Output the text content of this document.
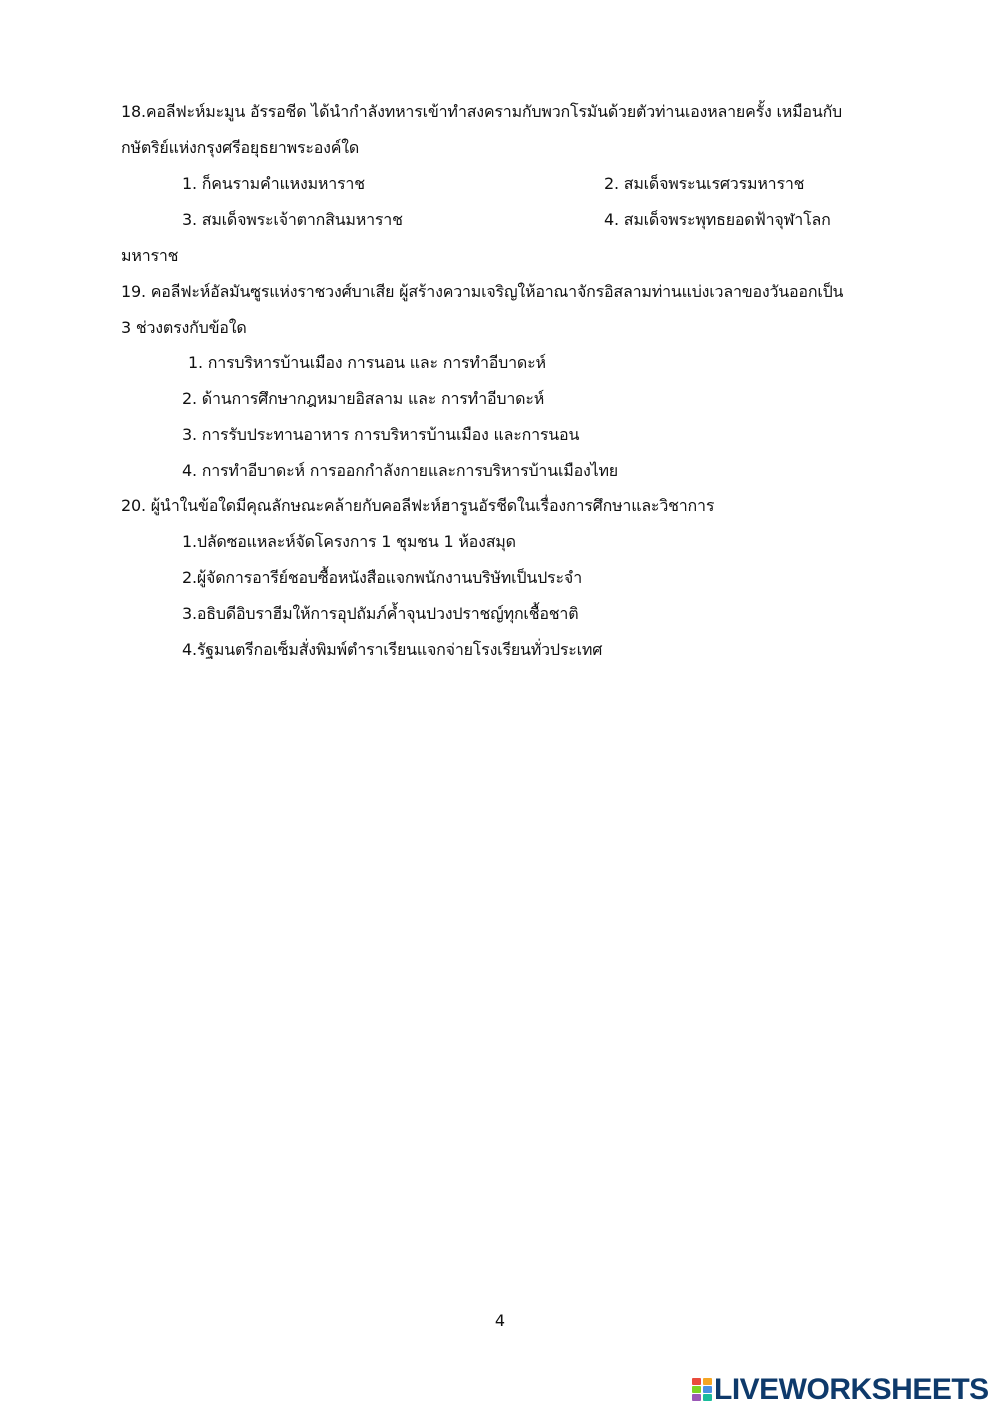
18.คอลีฟะห์มะมูน อัรรอชีด ได้นำกำลังทหารเข้าทำสงครามกับพวกโรมันด้วยตัวท่านเองหลายครั้ง เหมือนกับ
กษัตริย์แห่งกรุงศรีอยุธยาพระองค์ใด
1. ก็คนรามคำแหงมหาราช	2. สมเด็จพระนเรศวรมหาราช
3. สมเด็จพระเจ้าตากสินมหาราช	4. สมเด็จพระพุทธยอดฟ้าจุฬาโลก
มหาราช
19. คอลีฟะห์อัลมันซูรแห่งราชวงศ์บาเสีย ผู้สร้างความเจริญให้อาณาจักรอิสลามท่านแบ่งเวลาของวันออกเป็น
3 ช่วงตรงกับข้อใด
1. การบริหารบ้านเมือง การนอน และ การทำอีบาดะห์
2. ด้านการศึกษากฎหมายอิสลาม และ การทำอีบาดะห์
3. การรับประทานอาหาร การบริหารบ้านเมือง และการนอน
4. การทำอีบาดะห์ การออกกำลังกายและการบริหารบ้านเมืองไทย
20. ผู้นำในข้อใดมีคุณลักษณะคล้ายกับคอลีฟะห์ฮารูนอัรชีดในเรื่องการศึกษาและวิชาการ
1.ปลัดซอแหละห์จัดโครงการ 1 ชุมชน 1 ห้องสมุด
2.ผู้จัดการอารีย์ชอบซื้อหนังสือแจกพนักงานบริษัทเป็นประจำ
3.อธิบดีอิบราฮีมให้การอุปถัมภ์ค้ำจุนปวงปราชญ์ทุกเชื้อชาติ
4.รัฐมนตรีกอเซ็มสั่งพิมพ์ตำราเรียนแจกจ่ายโรงเรียนทั่วประเทศ
4
LIVEWORKSHEETS
